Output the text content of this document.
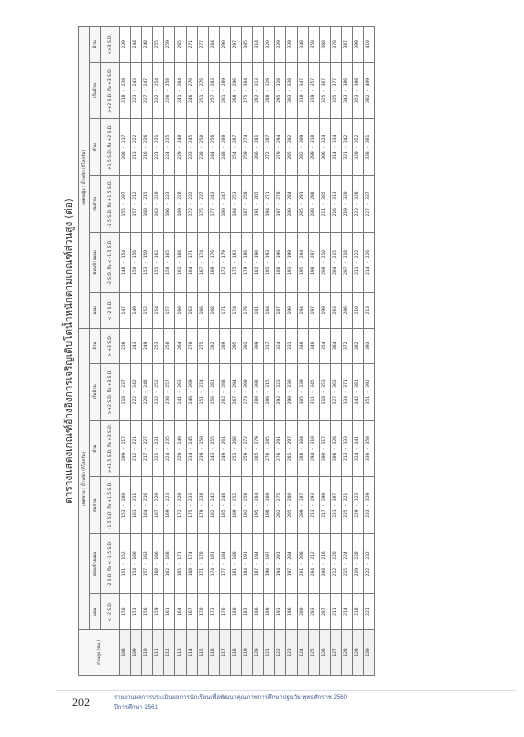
ตารางแสดงเกณฑ์อ้างอิงการเจริญเติบโตน้ำหนักตามเกณฑ์ส่วนสูง (ต่อ)
ส่วนสูง (ซม.)	เพศชาย : น้ำหนัก (กิโลกรัม)						เพศหญิง : น้ำหนัก (กิโลกรัม)					
	ผอม	ค่อนข้างผอม	สมส่วน	ท้วม	เริ่มอ้วน	อ้วน	ผอม	ค่อนข้างผอม	สมส่วน	ท้วม	เริ่มอ้วน	อ้วน
	< -2 S.D.	-2 S.D. ถึง < -1.5 S.D.	-1.5 S.D. ถึง +1.5 S.D.	>+1.5 S.D. ถึง +2 S.D.	>+2 S.D. ถึง +3 S.D.	> +3 S.D.	< -2 S.D.	-2 S.D. ถึง < -1.5 S.D.	-1.5 S.D. ถึง +1.5 S.D.	+1.5 S.D. ถึง +2 S.D.	>+2 S.D. ถึง +3 S.D.	<+3 S.D.
108	150	151 - 152	153 - 208	209 - 217	218 - 237	238	147	148 - 154	155 - 207	208 - 217	218 - 238	239
109	153	154 - 160	161 - 211	212 - 221	222 - 242	243	149	150 - 156	157 - 212	213 - 222	223 - 243	244
110	156	157 - 163	164 - 216	217 - 227	228 - 248	249	152	153 - 159	160 - 215	216 - 226	227 - 247	248
111	159	160 - 166	167 - 220	221 - 231	232 - 252	253	154	155 - 162	163 - 220	221 - 231	232 - 254	255
112	161	162 - 168	169 - 223	224 - 235	236 - 257	258	157	158 - 165	166 - 223	224 - 235	236 - 258	259
113	164	165 - 171	172 - 228	229 - 240	241 - 263	264	160	161 - 168	169 - 228	229 - 240	241 - 264	265
114	167	168 - 174	175 - 233	234 - 245	246 - 269	270	163	164 - 171	172 - 232	233 - 245	246 - 270	271
115	170	171 - 178	179 - 238	239 - 250	251 - 274	275	166	167 - 174	175 - 237	238 - 250	251 - 276	277
116	173	174 - 181	182 - 242	243 - 255	256 - 281	282	168	169 - 176	177 - 243	244 - 256	257 - 283	284
117	176	177 - 184	185 - 248	249 - 261	262 - 288	289	171	172 - 179	180 - 247	248 - 260	261 - 289	290
118	180	181 - 188	189 - 252	253 - 266	267 - 294	295	174	175 - 183	184 - 253	254 - 267	268 - 296	297
119	183	184 - 191	192 - 258	259 - 272	273 - 300	301	178	179 - 186	187 - 258	259 - 274	275 - 304	305
120	186	187 - 194	195 - 264	265 - 279	280 - 308	309	181	182 - 190	191 - 265	266 - 281	282 - 313	314
121	189	190 - 197	198 - 269	270 - 285	286 - 315	317	184	185 - 193	194 - 271	272 - 287	288 - 319	320
122	193	194 - 201	202 - 275	276 - 291	292 - 323	324	187	188 - 196	197 - 278	279 - 294	295 - 328	329
123	196	197 - 204	205 - 280	281 - 297	298 - 330	331	190	191 - 199	200 - 284	285 - 302	303 - 338	339
124	200	201 - 208	209 - 287	288 - 304	305 - 339	340	194	195 - 204	205 - 291	292 - 309	310 - 347	348
125	203	204 - 212	213 - 293	294 - 310	311 - 345	346	197	198 - 207	208 - 298	299 - 318	319 - 357	358
126	207	208 - 216	217 - 299	300 - 317	318 - 353	354	199	200 - 210	211 - 305	306 - 324	325 - 367	368
127	211	212 - 220	221 - 307	308 - 326	327 - 363	364	203	204 - 215	216 - 313	314 - 334	335 - 377	378
128	214	215 - 224	225 - 321	313 - 333	334 - 371	372	206	207 - 218	219 - 320	321 - 342	343 - 386	387
129	218	219 - 228	229 - 323	324 - 341	342 - 381	382	210	211 - 222	223 - 328	329 - 352	353 - 398	399
130	221	222 - 232	233 - 329	330 - 350	351 - 392	393	213	214 - 226	227 - 337	338 - 361	362 - 409	410
202	รายงานผลการประเมินผลการนักเรียนเพื่อพัฒนาคุณภาพการศึกษาปฐมวัย พุทธศักราช 2560
ปีการศึกษา 2561
